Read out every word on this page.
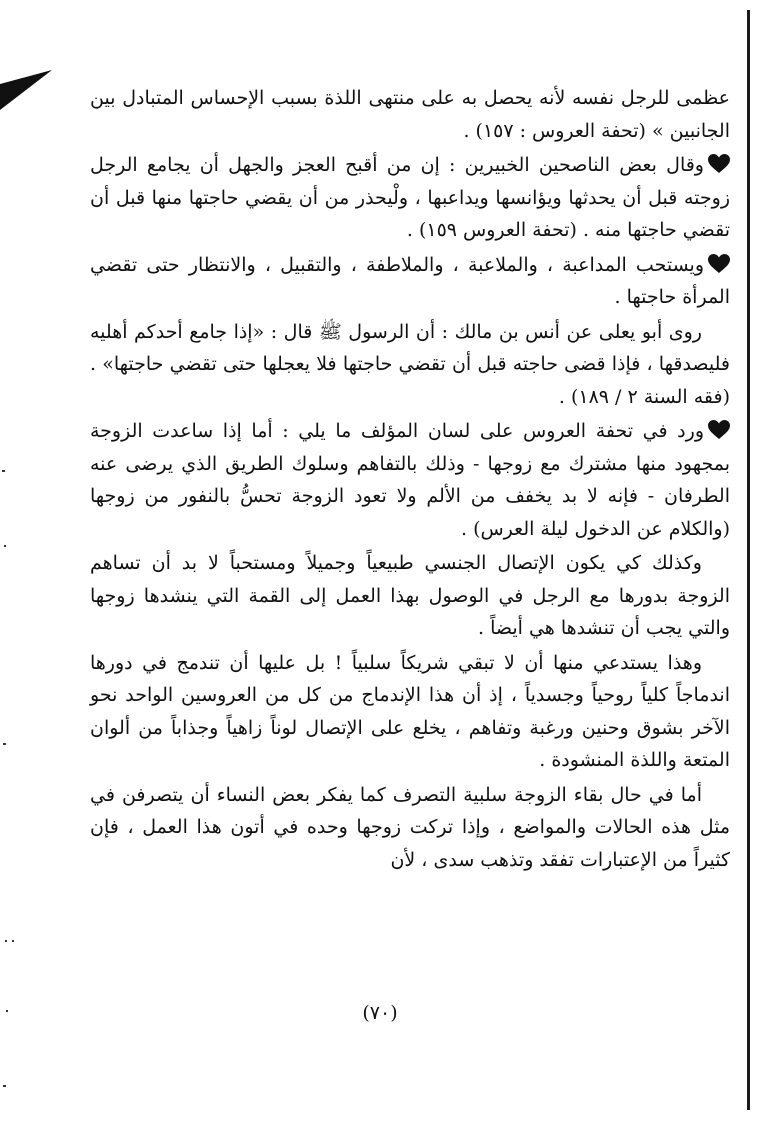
عظمى للرجل نفسه لأنه يحصل به على منتهى اللذة بسبب الإحساس المتبادل بين الجانبين » (تحفة العروس : ١٥٧) .

وقال بعض الناصحين الخبيرين : إن من أقبح العجز والجهل أن يجامع الرجل زوجته قبل أن يحدثها ويؤانسها ويداعبها ، ولْيحذر من أن يقضي حاجتها منها قبل أن تقضي حاجتها منه . (تحفة العروس ١٥٩) .

ويستحب المداعبة ، والملاعبة ، والملاطفة ، والتقبيل ، والانتظار حتى تقضي المرأة حاجتها .

روى أبو يعلى عن أنس بن مالك : أن الرسول ﷺ قال : «إذا جامع أحدكم أهليه فليصدقها ، فإذا قضى حاجته قبل أن تقضي حاجتها فلا يعجلها حتى تقضي حاجتها» . (فقه السنة ٢ / ١٨٩) .

ورد في تحفة العروس على لسان المؤلف ما يلي : أما إذا ساعدت الزوجة بمجهود منها مشترك مع زوجها - وذلك بالتفاهم وسلوك الطريق الذي يرضى عنه الطرفان - فإنه لا بد يخفف من الألم ولا تعود الزوجة تحسُّ بالنفور من زوجها (والكلام عن الدخول ليلة العرس) .

وكذلك كي يكون الإتصال الجنسي طبيعياً وجميلاً ومستحباً لا بد أن تساهم الزوجة بدورها مع الرجل في الوصول بهذا العمل إلى القمة التي ينشدها زوجها والتي يجب أن تنشدها هي أيضاً .

وهذا يستدعي منها أن لا تبقي شريكاً سلبياً ! بل عليها أن تندمج في دورها اندماجاً كلياً روحياً وجسدياً ، إذ أن هذا الإندماج من كل من العروسين الواحد نحو الآخر بشوق وحنين ورغبة وتفاهم ، يخلع على الإتصال لوناً زاهياً وجذاباً من ألوان المتعة واللذة المنشودة .

أما في حال بقاء الزوجة سلبية التصرف كما يفكر بعض النساء أن يتصرفن في مثل هذه الحالات والمواضع ، وإذا تركت زوجها وحده في أتون هذا العمل ، فإن كثيراً من الإعتبارات تفقد وتذهب سدى ، لأن

(٧٠)
